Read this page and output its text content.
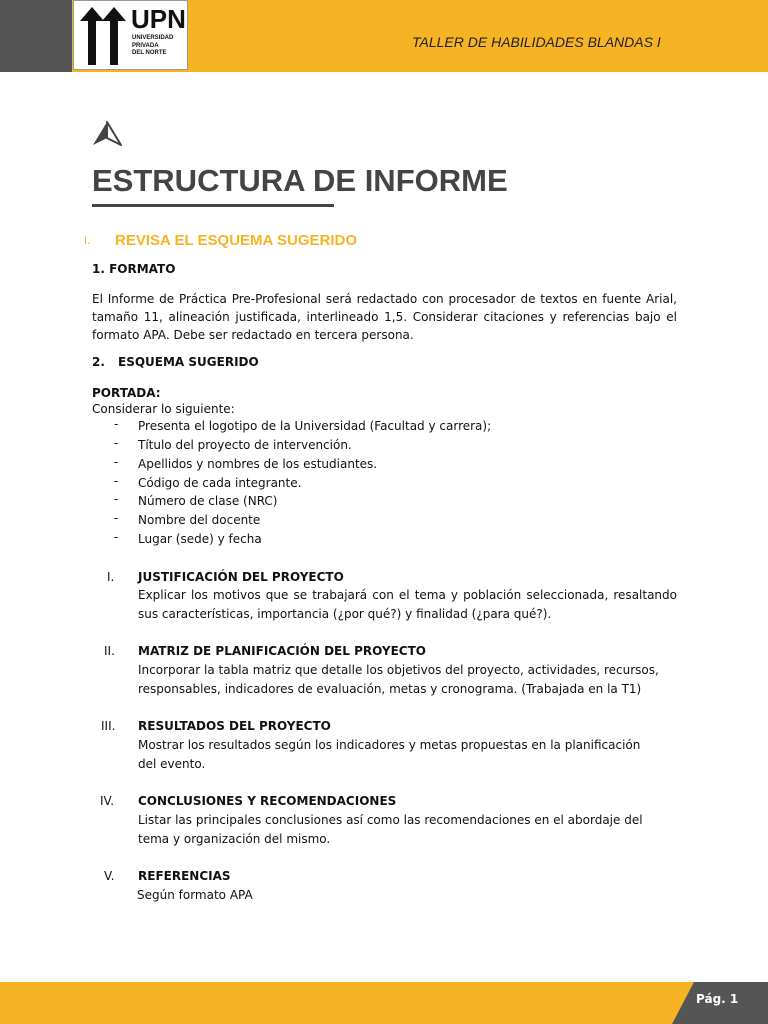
UPN
UNIVERSIDAD
PRIVADA
DEL NORTE
TALLER DE HABILIDADES BLANDAS I
ESTRUCTURA DE INFORME
I. REVISA EL ESQUEMA SUGERIDO
1. FORMATO
El Informe de Práctica Pre-Profesional será redactado con procesador de textos en fuente Arial, tamaño 11, alineación justificada, interlineado 1,5. Considerar citaciones y referencias bajo el formato APA. Debe ser redactado en tercera persona.
2. ESQUEMA SUGERIDO
PORTADA:
Considerar lo siguiente:
- Presenta el logotipo de la Universidad (Facultad y carrera);
- Título del proyecto de intervención.
- Apellidos y nombres de los estudiantes.
- Código de cada integrante.
- Número de clase (NRC)
- Nombre del docente
- Lugar (sede) y fecha
I. JUSTIFICACIÓN DEL PROYECTO
Explicar los motivos que se trabajará con el tema y población seleccionada, resaltando sus características, importancia (¿por qué?) y finalidad (¿para qué?).
II. MATRIZ DE PLANIFICACIÓN DEL PROYECTO
Incorporar la tabla matriz que detalle los objetivos del proyecto, actividades, recursos, responsables, indicadores de evaluación, metas y cronograma. (Trabajada en la T1)
III. RESULTADOS DEL PROYECTO
Mostrar los resultados según los indicadores y metas propuestas en la planificación del evento.
IV. CONCLUSIONES Y RECOMENDACIONES
Listar las principales conclusiones así como las recomendaciones en el abordaje del tema y organización del mismo.
V. REFERENCIAS
Según formato APA
Pág. 1
